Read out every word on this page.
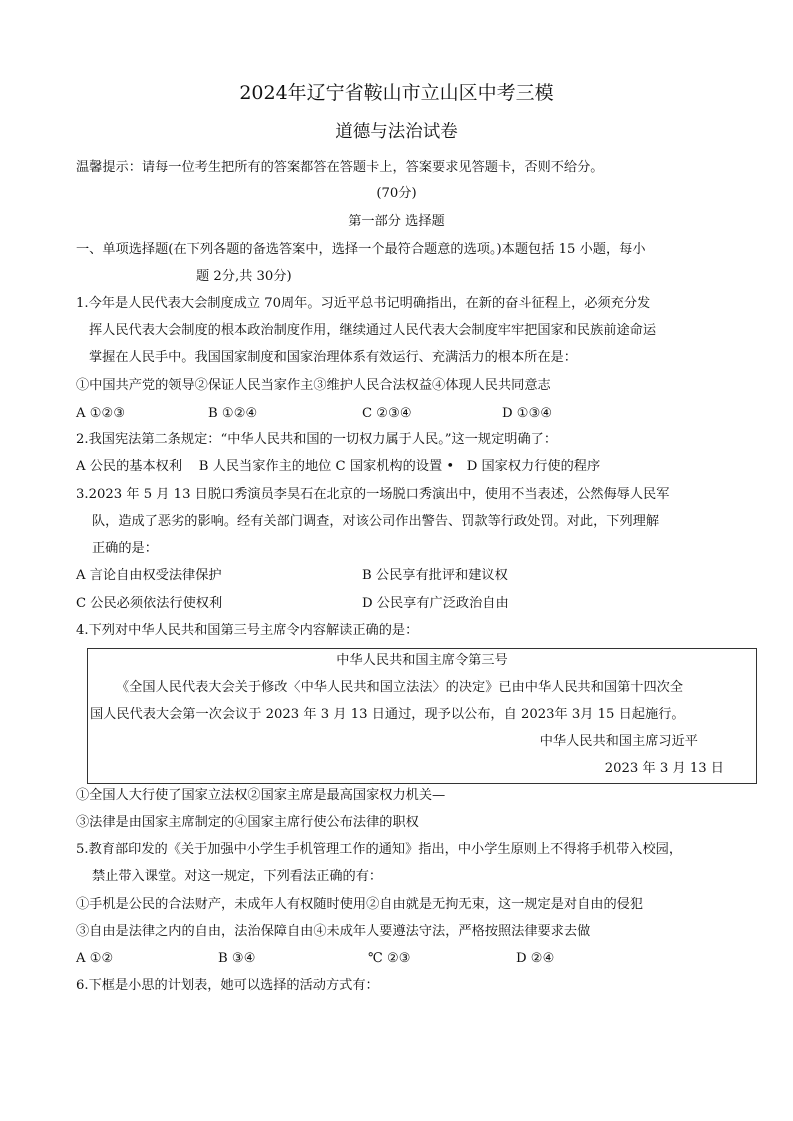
2024年辽宁省鞍山市立山区中考三模
道德与法治试卷
温馨提示：请每一位考生把所有的答案都答在答题卡上，答案要求见答题卡，否则不给分。
(70分)
第一部分 选择题
一、单项选择题(在下列各题的备选答案中，选择一个最符合题意的选项。)本题包括 15 小题，每小
题 2分,共 30分)
1.今年是人民代表大会制度成立 70周年。习近平总书记明确指出，在新的奋斗征程上，必须充分发
挥人民代表大会制度的根本政治制度作用，继续通过人民代表大会制度牢牢把国家和民族前途命运
掌握在人民手中。我国国家制度和国家治理体系有效运行、充满活力的根本所在是：
①中国共产党的领导②保证人民当家作主③维护人民合法权益④体现人民共同意志
A ①②③	B ①②④	C ②③④	D ①③④
2.我国宪法第二条规定：“中华人民共和国的一切权力属于人民。”这一规定明确了：
A 公民的基本权利    B 人民当家作主的地位 C 国家机构的设置 •   D 国家权力行使的程序
3.2023 年 5 月 13 日脱口秀演员李昊石在北京的一场脱口秀演出中，使用不当表述，公然侮辱人民军
队，造成了恶劣的影响。经有关部门调查，对该公司作出警告、罚款等行政处罚。对此，下列理解
正确的是：
A 言论自由权受法律保护	B 公民享有批评和建议权
C 公民必须依法行使权利	D 公民享有广泛政治自由
4.下列对中华人民共和国第三号主席令内容解读正确的是：
中华人民共和国主席令第三号
《全国人民代表大会关于修改〈中华人民共和国立法法〉的决定》已由中华人民共和国第十四次全
国人民代表大会第一次会议于 2023 年 3 月 13 日通过，现予以公布，自 2023年 3月 15 日起施行。
中华人民共和国主席习近平
2023 年 3 月 13 日
①全国人大行使了国家立法权②国家主席是最高国家权力机关—
③法律是由国家主席制定的④国家主席行使公布法律的职权
5.教育部印发的《关于加强中小学生手机管理工作的通知》指出，中小学生原则上不得将手机带入校园，
禁止带入课堂。对这一规定，下列看法正确的有：
①手机是公民的合法财产，未成年人有权随时使用②自由就是无拘无束，这一规定是对自由的侵犯
③自由是法律之内的自由，法治保障自由④未成年人要遵法守法，严格按照法律要求去做
A ①②	B ③④	℃ ②③	D ②④
6.下框是小思的计划表，她可以选择的活动方式有：
